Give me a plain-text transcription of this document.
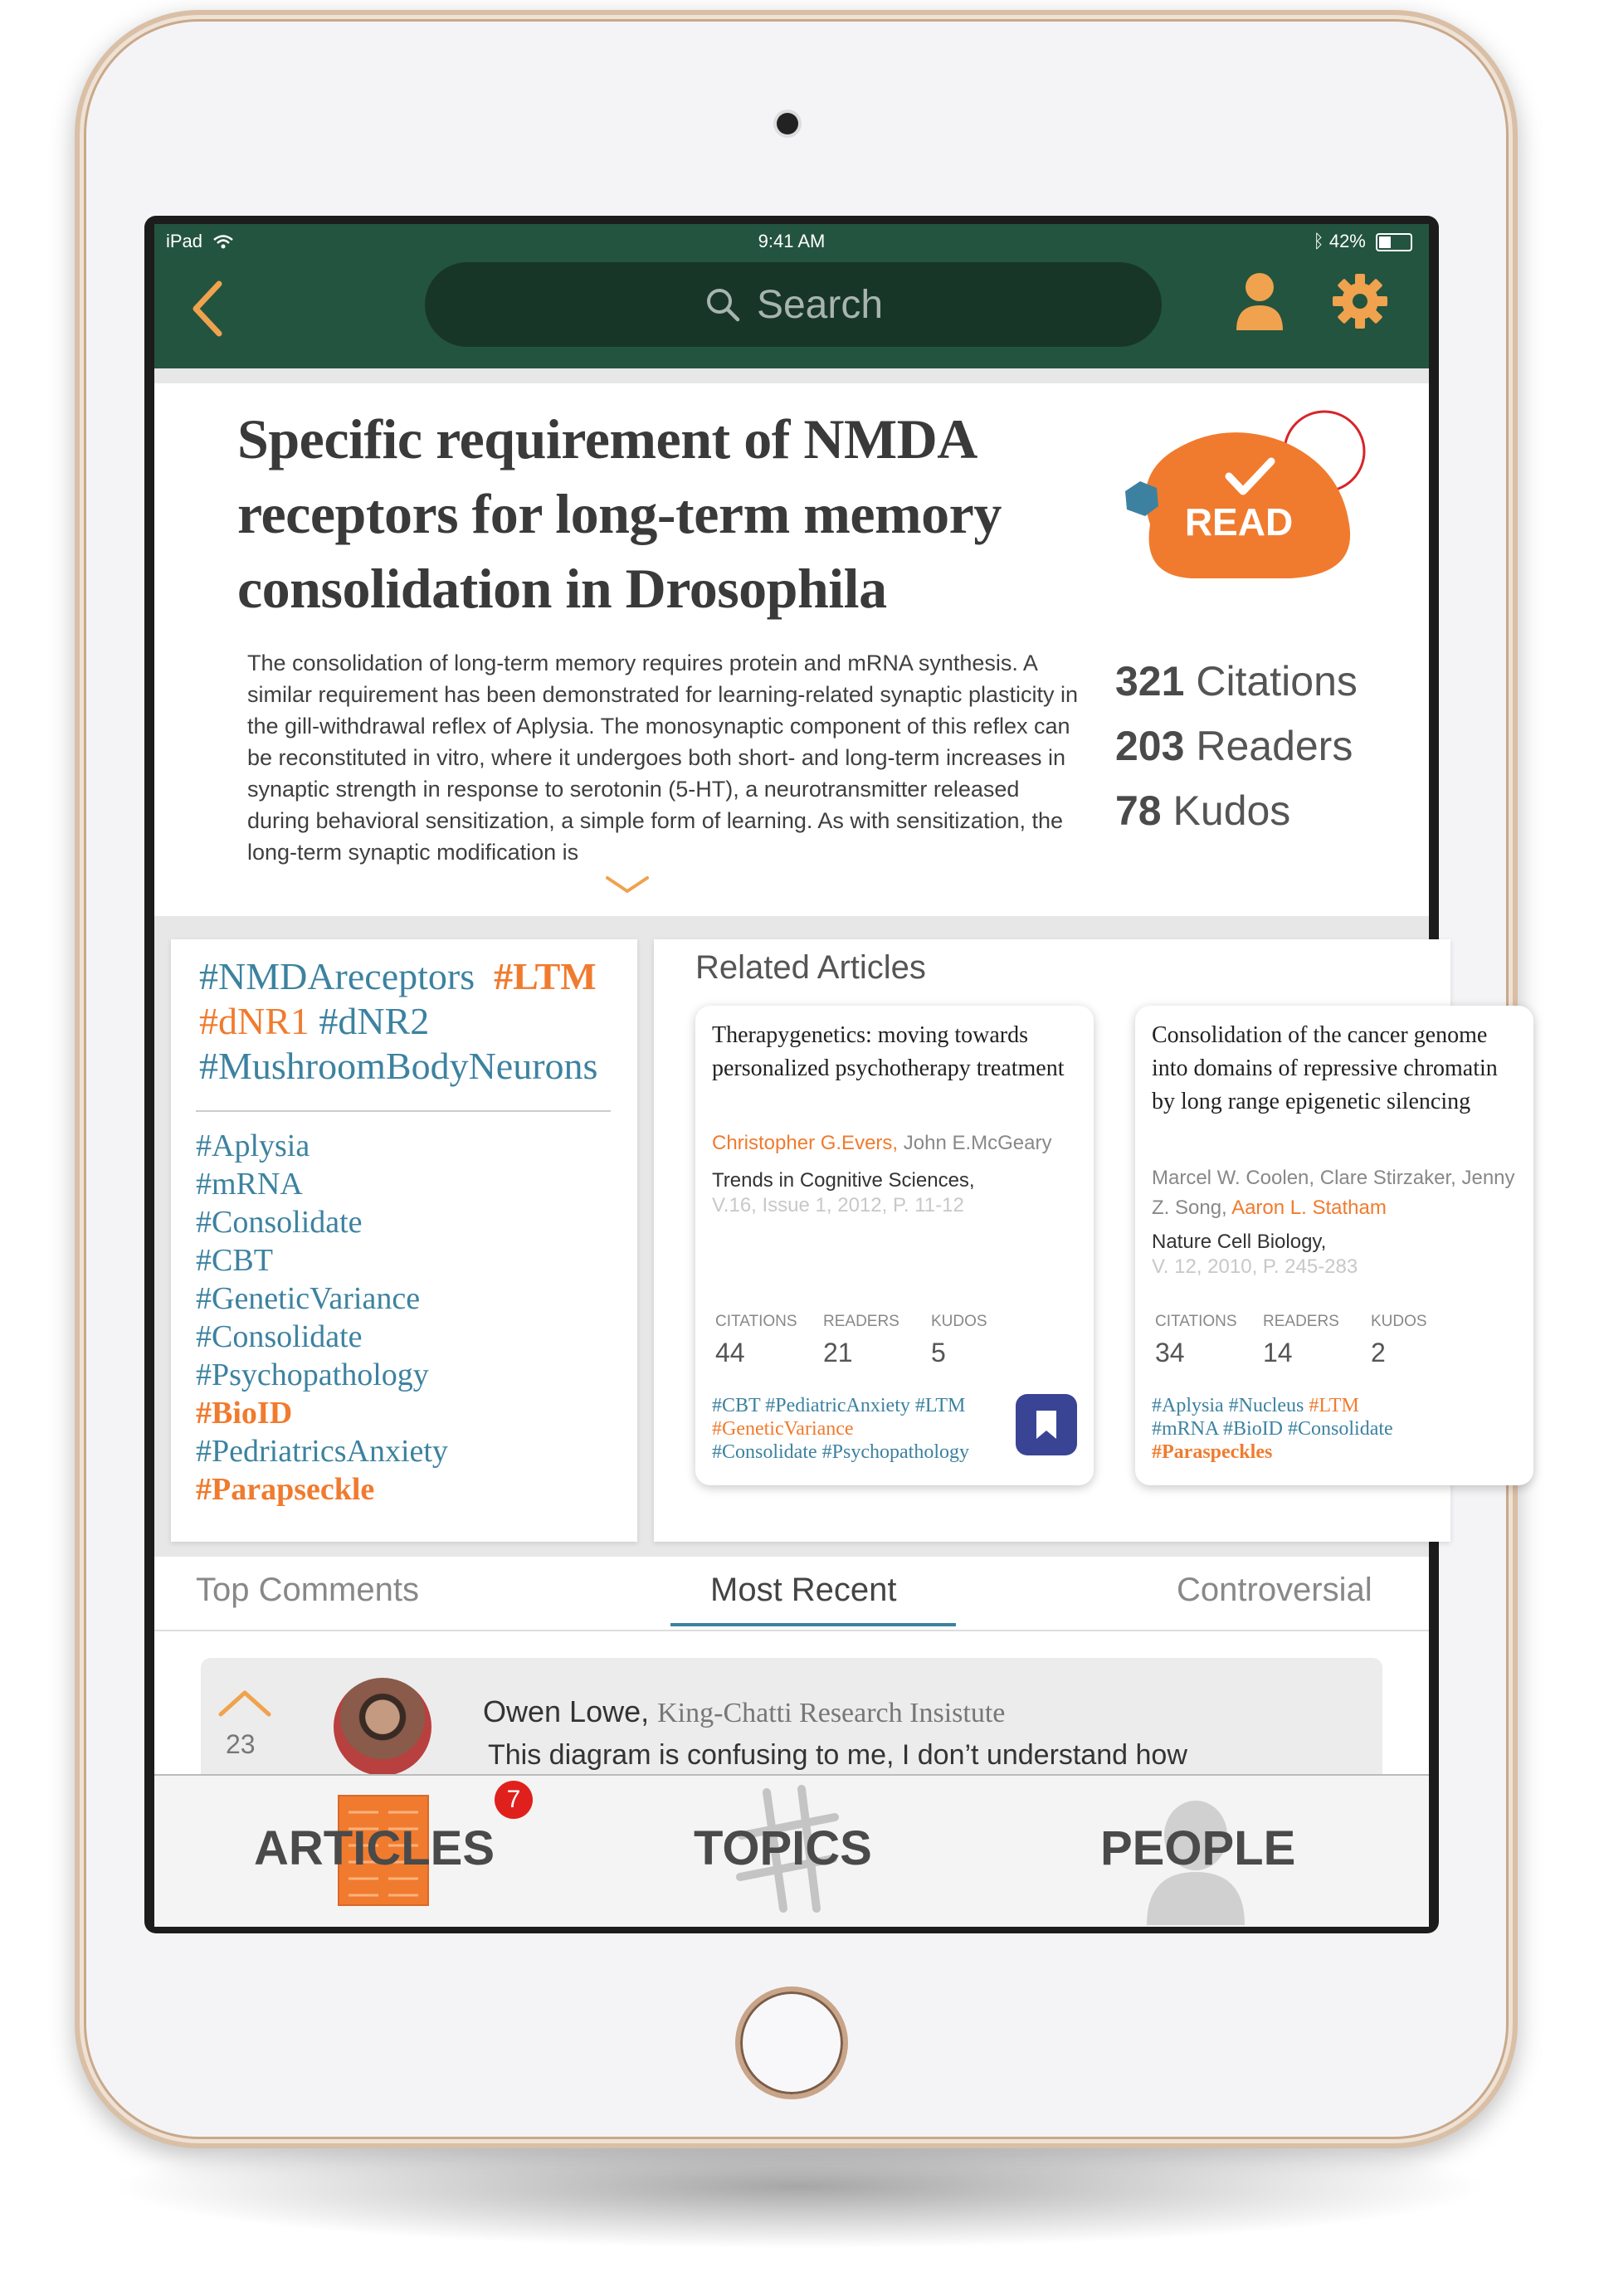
iPad	9:41 AM	ᛒ 42%
Search
Specific requirement of NMDA
receptors for long-term memory
consolidation in Drosophila
The consolidation of long-term memory requires protein and mRNA synthesis. A similar requirement has been demonstrated for learning-related synaptic plasticity in the gill-withdrawal reflex of Aplysia. The monosynaptic component of this reflex can be reconstituted in vitro, where it undergoes both short- and long-term increases in synaptic strength in response to serotonin (5-HT), a neurotransmitter released during behavioral sensitization, a simple form of learning. As with sensitization, the long-term synaptic modification is
READ
321 Citations
203 Readers
78 Kudos
#NMDAreceptors #LTM
#dNR1 #dNR2
#MushroomBodyNeurons
#Aplysia
#mRNA
#Consolidate
#CBT
#GeneticVariance
#Consolidate
#Psychopathology
#BioID
#PedriatricsAnxiety
#Parapseckle
Related Articles
Therapygenetics: moving towards personalized psychotherapy treatment
Christopher G.Evers, John E.McGeary
Trends in Cognitive Sciences,
V.16, Issue 1, 2012, P. 11-12
CITATIONS
44
READERS
21
KUDOS
5
#CBT #PediatricAnxiety #LTM
#GeneticVariance
#Consolidate #Psychopathology
Consolidation of the cancer genome into domains of repressive chromatin by long range epigenetic silencing
Marcel W. Coolen, Clare Stirzaker, Jenny Z. Song, Aaron L. Statham
Nature Cell Biology,
V. 12, 2010, P. 245-283
CITATIONS
34
READERS
14
KUDOS
2
#Aplysia #Nucleus #LTM
#mRNA #BioID #Consolidate
#Paraspeckles
Top Comments	Most Recent	Controversial
23
Owen Lowe, King-Chatti Research Insistute
This diagram is confusing to me, I don’t understand how
ARTICLES
7
TOPICS	PEOPLE
